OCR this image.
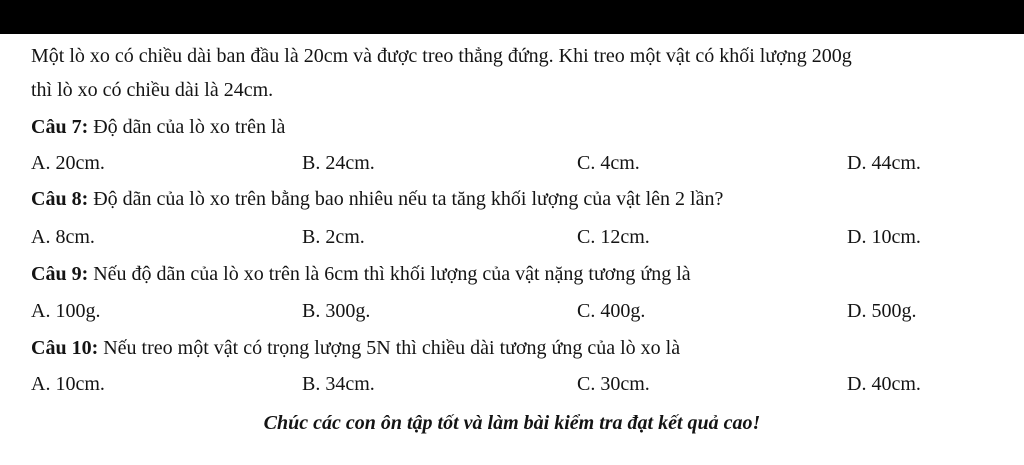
Một lò xo có chiều dài ban đầu là 20cm và được treo thẳng đứng. Khi treo một vật có khối lượng 200g
thì lò xo có chiều dài là 24cm.
Câu 7: Độ dãn của lò xo trên là
A. 20cm.	B. 24cm.	C. 4cm.	D. 44cm.
Câu 8: Độ dãn của lò xo trên bằng bao nhiêu nếu ta tăng khối lượng của vật lên 2 lần?
A. 8cm.	B. 2cm.	C. 12cm.	D. 10cm.
Câu 9: Nếu độ dãn của lò xo trên là 6cm thì khối lượng của vật nặng tương ứng là
A. 100g.	B. 300g.	C. 400g.	D. 500g.
Câu 10: Nếu treo một vật có trọng lượng 5N thì chiều dài tương ứng của lò xo là
A. 10cm.	B. 34cm.	C. 30cm.	D. 40cm.
Chúc các con ôn tập tốt và làm bài kiểm tra đạt kết quả cao!
